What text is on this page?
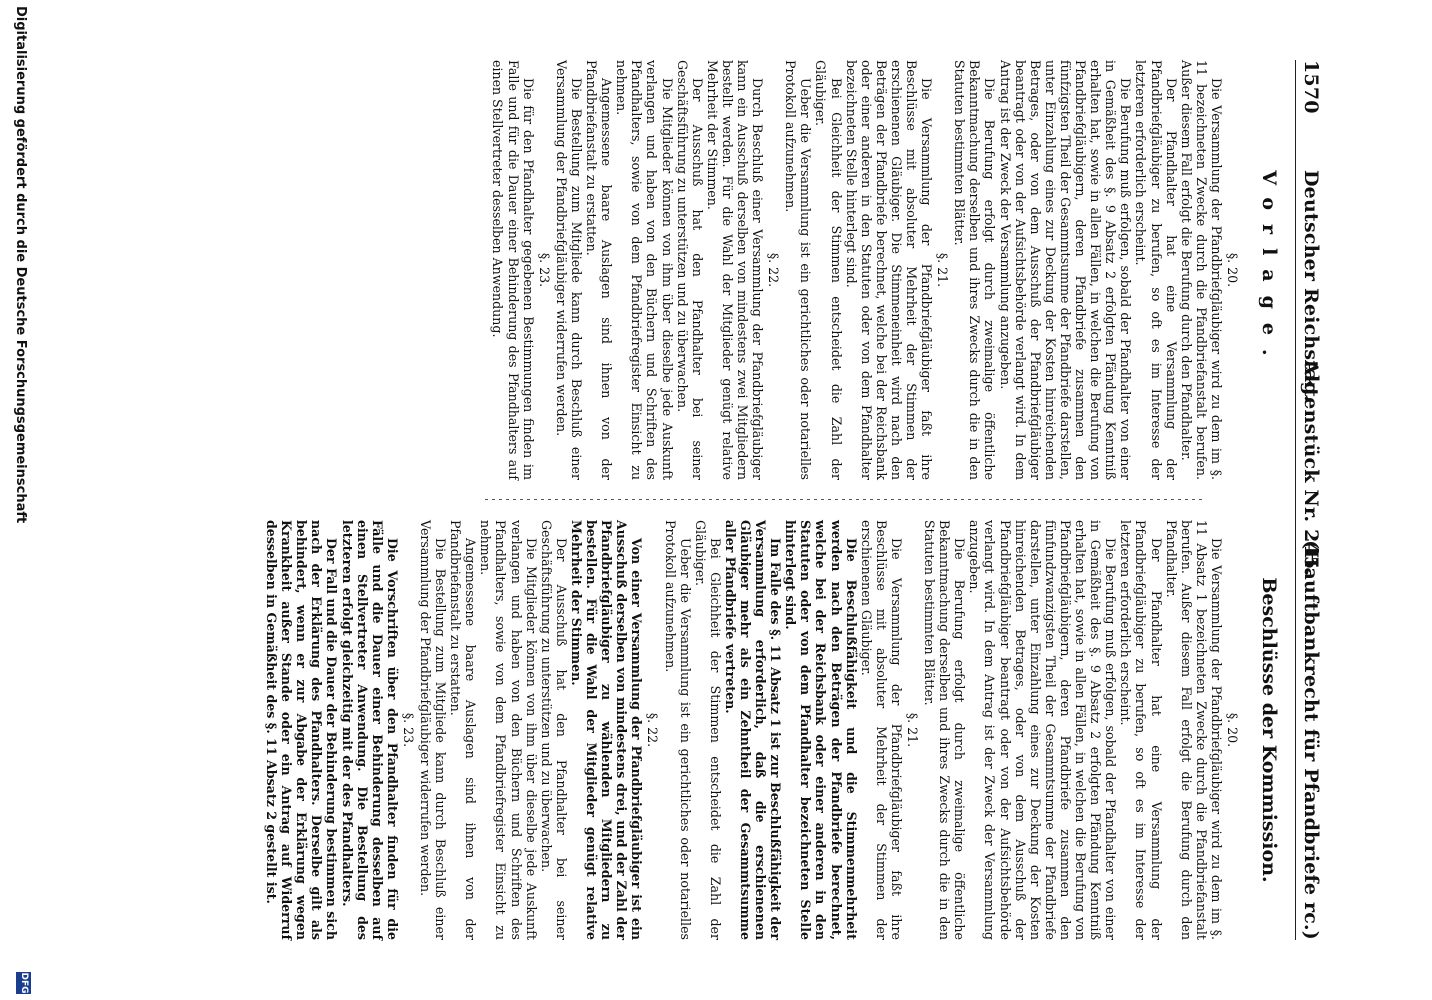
1570
Deutscher Reichstag.
Aktenstück Nr. 245.
(Hauftbankrecht für Pfandbriefe rc.)
Vorlage.
Beschlüsse der Kommission.

§. 20.

Die Versammlung der Pfandbriefgläubiger wird zu dem im §. 11 bezeichneten Zwecke durch die Pfandbriefanstalt berufen. Außer diesem Fall erfolgt die Berufung durch den Pfandhalter.

Der Pfandhalter hat eine Versammlung der Pfandbriefgläubiger zu berufen, so oft es im Interesse der letzteren erforderlich erscheint.

Die Berufung muß erfolgen, sobald der Pfandhalter von einer in Gemäßheit des §. 9 Absatz 2 erfolgten Pfändung Kenntniß erhalten hat, sowie in allen Fällen, in welchen die Berufung von Pfandbriefgläubigern, deren Pfandbriefe zusammen den fünfzigsten Theil der Gesammtsumme der Pfandbriefe darstellen, unter Einzahlung eines zur Deckung der Kosten hinreichenden Betrages, oder von dem Ausschuß der Pfandbriefgläubiger beantragt oder von der Aufsichtsbehörde verlangt wird. In dem Antrag ist der Zweck der Versammlung anzugeben.

Die Berufung erfolgt durch zweimalige öffentliche Bekanntmachung derselben und ihres Zwecks durch die in den Statuten bestimmten Blätter.

§. 21.

Die Versammlung der Pfandbriefgläubiger faßt ihre Beschlüsse mit absoluter Mehrheit der Stimmen der erschienenen Gläubiger. Die Stimmeneinheit wird nach den Beträgen der Pfandbriefe berechnet, welche bei der Reichsbank oder einer anderen in den Statuten oder von dem Pfandhalter bezeichneten Stelle hinterlegt sind.

Bei Gleichheit der Stimmen entscheidet die Zahl der Gläubiger.

Ueber die Versammlung ist ein gerichtliches oder notarielles Protokoll aufzunehmen.

§. 22.

Durch Beschluß einer Versammlung der Pfandbriefgläubiger kann ein Ausschuß derselben von mindestens zwei Mitgliedern bestellt werden. Für die Wahl der Mitglieder genügt relative Mehrheit der Stimmen.

Der Ausschuß hat den Pfandhalter bei seiner Geschäftsführung zu unterstützen und zu überwachen.

Die Mitglieder können von ihm über dieselbe jede Auskunft verlangen und haben von den Büchern und Schriften des Pfandhalters, sowie von dem Pfandbriefregister Einsicht zu nehmen.

Angemessene baare Auslagen sind ihnen von der Pfandbriefanstalt zu erstatten.

Die Bestellung zum Mitgliede kann durch Beschluß einer Versammlung der Pfandbriefgläubiger widerrufen werden.

§. 23.

Die für den Pfandhalter gegebenen Bestimmungen finden im Falle und für die Dauer einer Behinderung des Pfandhalters auf einen Stellvertreter desselben Anwendung.

§. 20.

Die Versammlung der Pfandbriefgläubiger wird zu dem im §. 11 Absatz 1 bezeichneten Zwecke durch die Pfandbriefanstalt berufen. Außer diesem Fall erfolgt die Berufung durch den Pfandhalter.

Der Pfandhalter hat eine Versammlung der Pfandbriefgläubiger zu berufen, so oft es im Interesse der letzteren erforderlich erscheint.

Die Berufung muß erfolgen, sobald der Pfandhalter von einer in Gemäßheit des §. 9 Absatz 2 erfolgten Pfändung Kenntniß erhalten hat, sowie in allen Fällen, in welchen die Berufung von Pfandbriefgläubigern, deren Pfandbriefe zusammen den fünfundzwanzigsten Theil der Gesammtsumme der Pfandbriefe darstellen, unter Einzahlung eines zur Deckung der Kosten hinreichenden Betrages, oder von dem Ausschuß der Pfandbriefgläubiger beantragt oder von der Aufsichtsbehörde verlangt wird. In dem Antrag ist der Zweck der Versammlung anzugeben.

Die Berufung erfolgt durch zweimalige öffentliche Bekanntmachung derselben und ihres Zwecks durch die in den Statuten bestimmten Blätter.

§. 21.

Die Versammlung der Pfandbriefgläubiger faßt ihre Beschlüsse mit absoluter Mehrheit der Stimmen der erschienenen Gläubiger.

Die Beschlußfähigkeit und die Stimmenmehrheit werden nach den Beträgen der Pfandbriefe berechnet, welche bei der Reichsbank oder einer anderen in den Statuten oder von dem Pfandhalter bezeichneten Stelle hinterlegt sind.

Im Falle des §. 11 Absatz 1 ist zur Beschlußfähigkeit der Versammlung erforderlich, daß die erschienenen Gläubiger mehr als ein Zehntheil der Gesammtsumme aller Pfandbriefe vertreten.

Bei Gleichheit der Stimmen entscheidet die Zahl der Gläubiger.

Ueber die Versammlung ist ein gerichtliches oder notarielles Protokoll aufzunehmen.

§. 22.

Von einer Versammlung der Pfandbriefgläubiger ist ein Ausschuß derselben von mindestens drei, und der Zahl der Pfandbriefgläubiger zu wählenden Mitgliedern zu bestellen. Für die Wahl der Mitglieder genügt relative Mehrheit der Stimmen.

Der Ausschuß hat den Pfandhalter bei seiner Geschäftsführung zu unterstützen und zu überwachen.

Die Mitglieder können von ihm über dieselbe jede Auskunft verlangen und haben von den Büchern und Schriften des Pfandhalters, sowie von dem Pfandbriefregister Einsicht zu nehmen.

Angemessene baare Auslagen sind ihnen von der Pfandbriefanstalt zu erstatten.

Die Bestellung zum Mitgliede kann durch Beschluß einer Versammlung der Pfandbriefgläubiger widerrufen werden.

§. 23.

Die Vorschriften über den Pfandhalter finden für die Fälle und die Dauer einer Behinderung desselben auf einen Stellvertreter Anwendung. Die Bestellung des letzteren erfolgt gleichzeitig mit der des Pfandhalters.

Der Fall und die Dauer der Behinderung bestimmen sich nach der Erklärung des Pfandhalters. Derselbe gilt als behindert, wenn er zur Abgabe der Erklärung wegen Krankheit außer Stande oder ein Antrag auf Widerruf desselben in Gemäßheit des §. 11 Absatz 2 gestellt ist.

Digitalisierung gefördert durch die Deutsche Forschungsgemeinschaft
DFG
